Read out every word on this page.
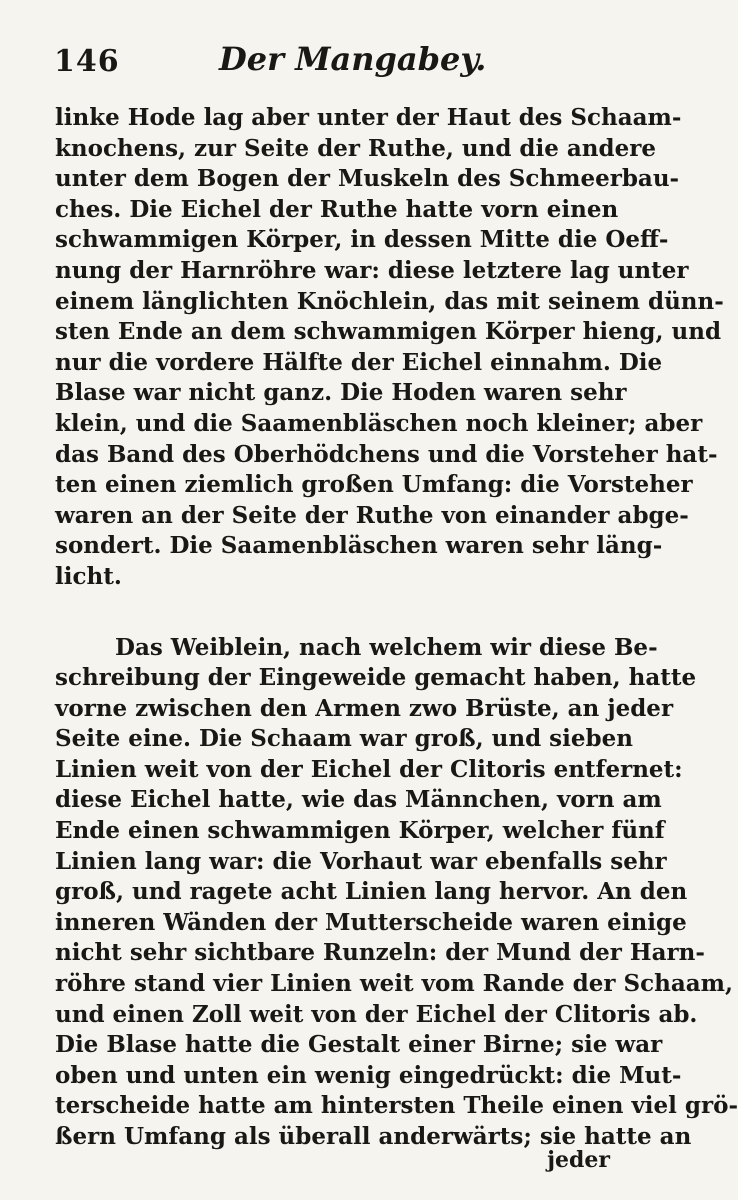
146	Der Mangabey.
linke Hode lag aber unter der Haut des Schaam-
knochens, zur Seite der Ruthe, und die andere
unter dem Bogen der Muskeln des Schmeerbau-
ches. Die Eichel der Ruthe hatte vorn einen
schwammigen Körper, in dessen Mitte die Oeff-
nung der Harnröhre war: diese letztere lag unter
einem länglichten Knöchlein, das mit seinem dünn-
sten Ende an dem schwammigen Körper hieng, und
nur die vordere Hälfte der Eichel einnahm. Die
Blase war nicht ganz. Die Hoden waren sehr
klein, und die Saamenbläschen noch kleiner; aber
das Band des Oberhödchens und die Vorsteher hat-
ten einen ziemlich großen Umfang: die Vorsteher
waren an der Seite der Ruthe von einander abge-
sondert. Die Saamenbläschen waren sehr läng-
licht.
Das Weiblein, nach welchem wir diese Be-
schreibung der Eingeweide gemacht haben, hatte
vorne zwischen den Armen zwo Brüste, an jeder
Seite eine. Die Schaam war groß, und sieben
Linien weit von der Eichel der Clitoris entfernet:
diese Eichel hatte, wie das Männchen, vorn am
Ende einen schwammigen Körper, welcher fünf
Linien lang war: die Vorhaut war ebenfalls sehr
groß, und ragete acht Linien lang hervor. An den
inneren Wänden der Mutterscheide waren einige
nicht sehr sichtbare Runzeln: der Mund der Harn-
röhre stand vier Linien weit vom Rande der Schaam,
und einen Zoll weit von der Eichel der Clitoris ab.
Die Blase hatte die Gestalt einer Birne; sie war
oben und unten ein wenig eingedrückt: die Mut-
terscheide hatte am hintersten Theile einen viel grö-
ßern Umfang als überall anderwärts; sie hatte an
jeder
